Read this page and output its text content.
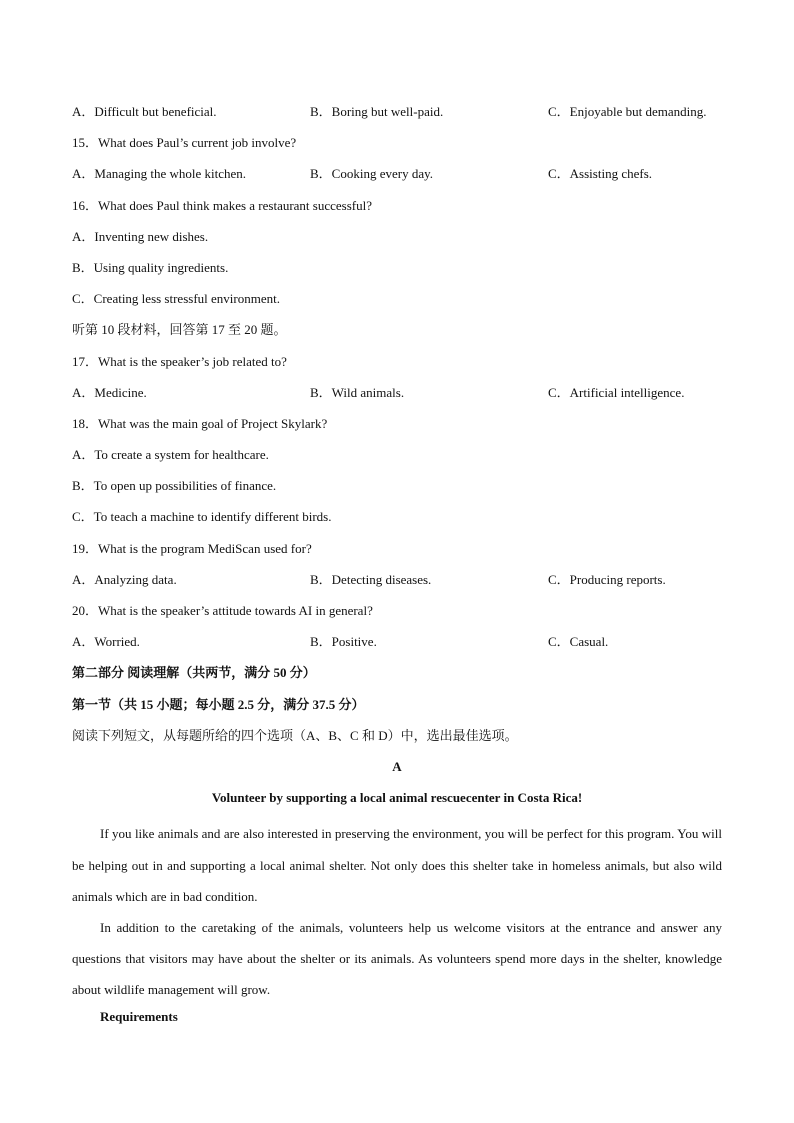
A．Difficult but beneficial.	B．Boring but well-paid.	C．Enjoyable but demanding.
15．What does Paul’s current job involve?
A．Managing the whole kitchen.	B．Cooking every day.	C．Assisting chefs.
16．What does Paul think makes a restaurant successful?
A．Inventing new dishes.
B．Using quality ingredients.
C．Creating less stressful environment.
听第 10 段材料，回答第 17 至 20 题。
17．What is the speaker’s job related to?
A．Medicine.	B．Wild animals.	C．Artificial intelligence.
18．What was the main goal of Project Skylark?
A．To create a system for healthcare.
B．To open up possibilities of finance.
C．To teach a machine to identify different birds.
19．What is the program MediScan used for?
A．Analyzing data.	B．Detecting diseases.	C．Producing reports.
20．What is the speaker’s attitude towards AI in general?
A．Worried.	B．Positive.	C．Casual.
第二部分 阅读理解（共两节，满分 50 分）
第一节（共 15 小题；每小题 2.5 分，满分 37.5 分）
阅读下列短文，从每题所给的四个选项（A、B、C 和 D）中，选出最佳选项。
A
Volunteer by supporting a local animal rescuecenter in Costa Rica!

If you like animals and are also interested in preserving the environment, you will be perfect for this program. You will be helping out in and supporting a local animal shelter. Not only does this shelter take in homeless animals, but also wild animals which are in bad condition.

In addition to the caretaking of the animals, volunteers help us welcome visitors at the entrance and answer any questions that visitors may have about the shelter or its animals. As volunteers spend more days in the shelter, knowledge about wildlife management will grow.

Requirements
